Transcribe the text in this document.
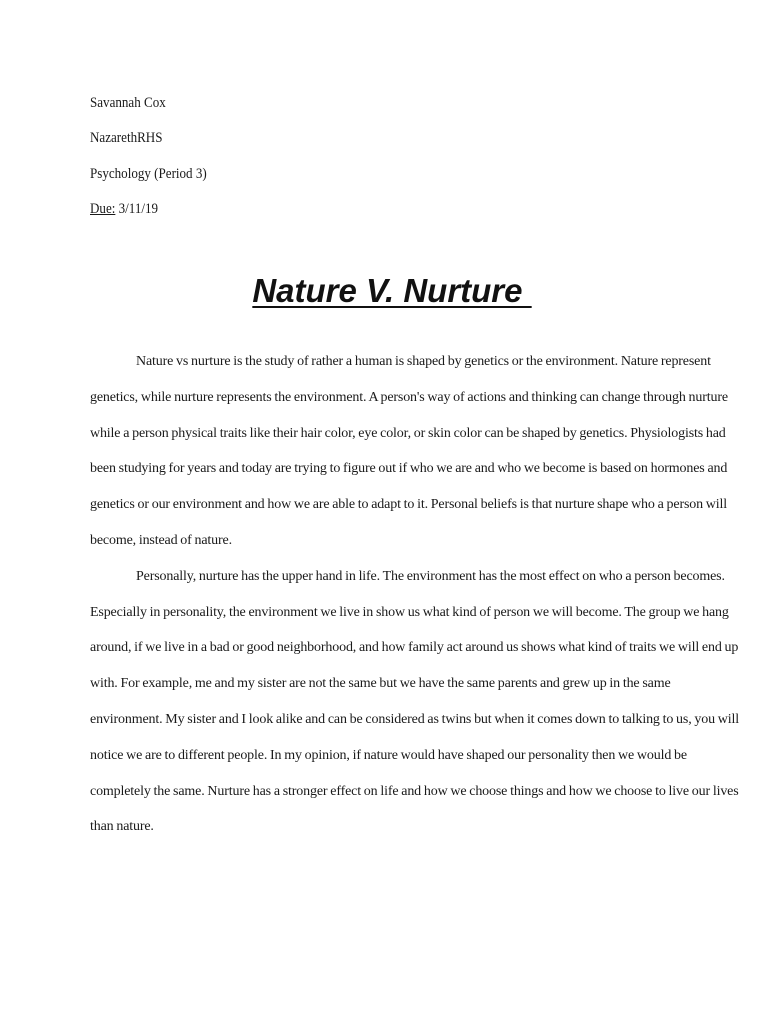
Savannah Cox
NazarethRHS
Psychology (Period 3)
Due: 3/11/19
Nature V. Nurture

Nature vs nurture is the study of rather a human is shaped by genetics or the environment. Nature represent genetics, while nurture represents the environment. A person's way of actions and thinking can change through nurture while a person physical traits like their hair color, eye color, or skin color can be shaped by genetics. Physiologists had been studying for years and today are trying to figure out if who we are and who we become is based on hormones and genetics or our environment and how we are able to adapt to it. Personal beliefs is that nurture shape who a person will become, instead of nature.

Personally, nurture has the upper hand in life. The environment has the most effect on who a person becomes. Especially in personality, the environment we live in show us what kind of person we will become. The group we hang around, if we live in a bad or good neighborhood, and how family act around us shows what kind of traits we will end up with. For example, me and my sister are not the same but we have the same parents and grew up in the same environment. My sister and I look alike and can be considered as twins but when it comes down to talking to us, you will notice we are to different people. In my opinion, if nature would have shaped our personality then we would be completely the same. Nurture has a stronger effect on life and how we choose things and how we choose to live our lives than nature.
